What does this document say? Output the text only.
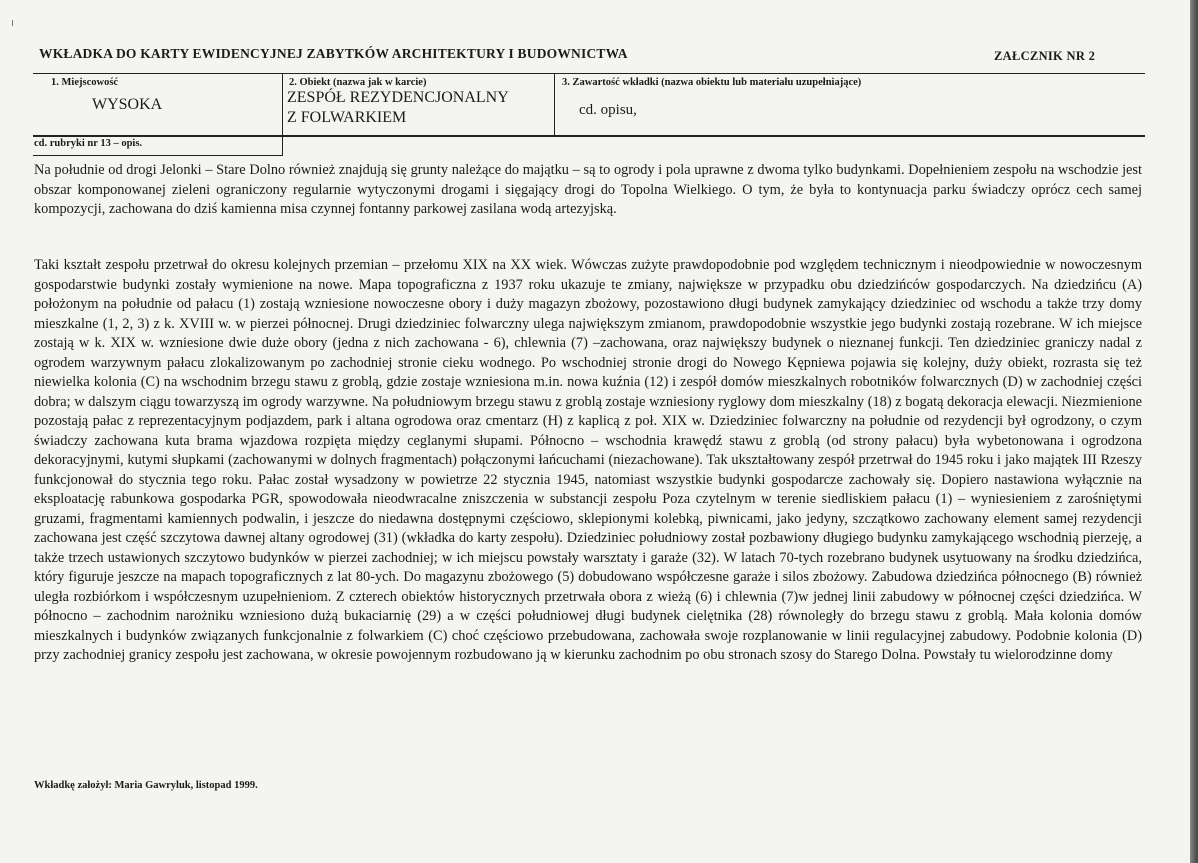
WKŁADKA DO KARTY EWIDENCYJNEJ ZABYTKÓW ARCHITEKTURY I BUDOWNICTWA	ZAŁCZNIK NR 2
1. Miejscowość
WYSOKA
2. Obiekt (nazwa jak w karcie)
ZESPÓŁ REZYDENCJONALNY
Z FOLWARKIEM
3. Zawartość wkładki (nazwa obiektu lub materiału uzupełniające)
cd. opisu,
cd. rubryki nr 13 – opis.

Na południe od drogi Jelonki – Stare Dolno również znajdują się grunty należące do majątku – są to ogrody i pola uprawne z dwoma tylko budynkami. Dopełnieniem zespołu na wschodzie jest obszar komponowanej zieleni ograniczony regularnie wytyczonymi drogami i sięgający drogi do Topolna Wielkiego. O tym, że była to kontynuacja parku świadczy oprócz cech samej kompozycji, zachowana do dziś kamienna misa czynnej fontanny parkowej zasilana wodą artezyjską.

Taki kształt zespołu przetrwał do okresu kolejnych przemian – przełomu XIX na XX wiek. Wówczas zużyte prawdopodobnie pod względem technicznym i nieodpowiednie w nowoczesnym gospodarstwie budynki zostały wymienione na nowe. Mapa topograficzna z 1937 roku ukazuje te zmiany, największe w przypadku obu dziedzińców gospodarczych. Na dziedzińcu (A) położonym na południe od pałacu (1) zostają wzniesione nowoczesne obory i duży magazyn zbożowy, pozostawiono długi budynek zamykający dziedziniec od wschodu a także trzy domy mieszkalne (1, 2, 3) z k. XVIII w. w pierzei północnej. Drugi dziedziniec folwarczny ulega największym zmianom, prawdopodobnie wszystkie jego budynki zostają rozebrane. W ich miejsce zostają w k. XIX w. wzniesione dwie duże obory (jedna z nich zachowana - 6), chlewnia (7) –zachowana, oraz największy budynek o nieznanej funkcji. Ten dziedziniec graniczy nadal z ogrodem warzywnym pałacu zlokalizowanym po zachodniej stronie cieku wodnego. Po wschodniej stronie drogi do Nowego Kępniewa pojawia się kolejny, duży obiekt, rozrasta się też niewielka kolonia (C) na wschodnim brzegu stawu z groblą, gdzie zostaje wzniesiona m.in. nowa kuźnia (12) i zespół domów mieszkalnych robotników folwarcznych (D) w zachodniej części dobra; w dalszym ciągu towarzyszą im ogrody warzywne. Na południowym brzegu stawu z groblą zostaje wzniesiony ryglowy dom mieszkalny (18) z bogatą dekoracja elewacji. Niezmienione pozostają pałac z reprezentacyjnym podjazdem, park i altana ogrodowa oraz cmentarz (H) z kaplicą z poł. XIX w. Dziedziniec folwarczny na południe od rezydencji był ogrodzony, o czym świadczy zachowana kuta brama wjazdowa rozpięta między ceglanymi słupami. Północno – wschodnia krawędź stawu z groblą (od strony pałacu) była wybetonowana i ogrodzona dekoracyjnymi, kutymi słupkami (zachowanymi w dolnych fragmentach) połączonymi łańcuchami (niezachowane). Tak ukształtowany zespół przetrwał do 1945 roku i jako majątek III Rzeszy funkcjonował do stycznia tego roku. Pałac został wysadzony w powietrze 22 stycznia 1945, natomiast wszystkie budynki gospodarcze zachowały się. Dopiero nastawiona wyłącznie na eksploatację rabunkowa gospodarka PGR, spowodowała nieodwracalne zniszczenia w substancji zespołu Poza czytelnym w terenie siedliskiem pałacu (1) – wyniesieniem z zarośniętymi gruzami, fragmentami kamiennych podwalin, i jeszcze do niedawna dostępnymi częściowo, sklepionymi kolebką, piwnicami, jako jedyny, szczątkowo zachowany element samej rezydencji zachowana jest część szczytowa dawnej altany ogrodowej (31) (wkładka do karty zespołu). Dziedziniec południowy został pozbawiony długiego budynku zamykającego wschodnią pierzeję, a także trzech ustawionych szczytowo budynków w pierzei zachodniej; w ich miejscu powstały warsztaty i garaże (32). W latach 70-tych rozebrano budynek usytuowany na środku dziedzińca, który figuruje jeszcze na mapach topograficznych z lat 80-ych. Do magazynu zbożowego (5) dobudowano współczesne garaże i silos zbożowy. Zabudowa dziedzińca północnego (B) również uległa rozbiórkom i współczesnym uzupełnieniom. Z czterech obiektów historycznych przetrwała obora z wieżą (6) i chlewnia (7)w jednej linii zabudowy w północnej części dziedzińca. W północno – zachodnim narożniku wzniesiono dużą bukaciarnię (29) a w części południowej długi budynek cielętnika (28) równoległy do brzegu stawu z groblą. Mała kolonia domów mieszkalnych i budynków związanych funkcjonalnie z folwarkiem (C) choć częściowo przebudowana, zachowała swoje rozplanowanie w linii regulacyjnej zabudowy. Podobnie kolonia (D) przy zachodniej granicy zespołu jest zachowana, w okresie powojennym rozbudowano ją w kierunku zachodnim po obu stronach szosy do Starego Dolna. Powstały tu wielorodzinne domy

Wkładkę założył: Maria Gawryluk, listopad 1999.
